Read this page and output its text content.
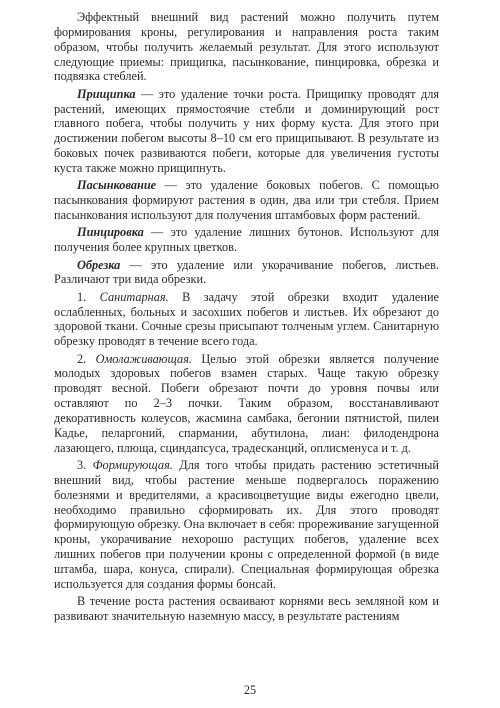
Эффектный внешний вид растений можно получить путем формирования кроны, регулирования и направления роста таким образом, чтобы получить желаемый результат. Для этого используют следующие приемы: прищипка, пасынкование, пинцировка, обрезка и подвязка стеблей.

Прищипка — это удаление точки роста. Прищипку проводят для растений, имеющих прямостоячие стебли и доминирующий рост главного побега, чтобы получить у них форму куста. Для этого при достижении побегом высоты 8–10 см его прищипывают. В результате из боковых почек развиваются побеги, которые для увеличения густоты куста также можно прищипнуть.

Пасынкование — это удаление боковых побегов. С помощью пасынкования формируют растения в один, два или три стебля. Прием пасынкования используют для получения штамбовых форм растений.

Пинцировка — это удаление лишних бутонов. Используют для получения более крупных цветков.

Обрезка — это удаление или укорачивание побегов, листьев. Различают три вида обрезки.

1. Санитарная. В задачу этой обрезки входит удаление ослабленных, больных и засохших побегов и листьев. Их обрезают до здоровой ткани. Сочные срезы присыпают толченым углем. Санитарную обрезку проводят в течение всего года.

2. Омолаживающая. Целью этой обрезки является получение молодых здоровых побегов взамен старых. Чаще такую обрезку проводят весной. Побеги обрезают почти до уровня почвы или оставляют по 2–3 почки. Таким образом, восстанавливают декоративность колеусов, жасмина самбака, бегонии пятнистой, пилеи Кадье, пеларгоний, спармании, абутилона, лиан: филодендрона лазающего, плюща, сциндапсуса, традесканций, оплисменуса и т. д.

3. Формирующая. Для того чтобы придать растению эстетичный внешний вид, чтобы растение меньше подвергалось поражению болезнями и вредителями, а красивоцветущие виды ежегодно цвели, необходимо правильно сформировать их. Для этого проводят формирующую обрезку. Она включает в себя: прореживание загущенной кроны, укорачивание нехорошо растущих побегов, удаление всех лишних побегов при получении кроны с определенной формой (в виде штамба, шара, конуса, спирали). Специальная формирующая обрезка используется для создания формы бонсай.

В течение роста растения осваивают корнями весь земляной ком и развивают значительную наземную массу, в результате растениям

25
